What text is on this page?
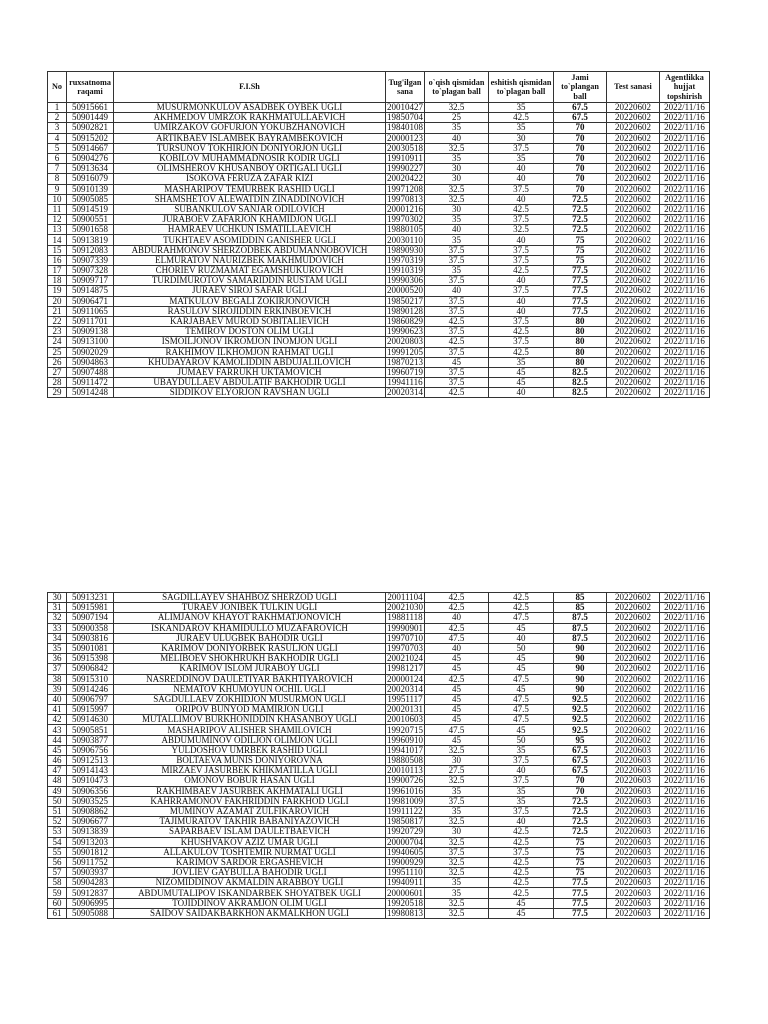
No	ruxsatnoma raqami	F.I.Sh	Tug'ilgan sana	o`qish qismidan to`plagan ball	eshitish qismidan to`plagan ball	Jami to`plangan ball	Test sanasi	Agentlikka hujjat topshirish
1	50915661	MUSURMONKULOV ASADBEK OYBEK UGLI	20010427	32.5	35	67.5	20220602	2022/11/16
2	50901449	AKHMEDOV UMRZOK RAKHMATULLAEVICH	19850704	25	42.5	67.5	20220602	2022/11/16
3	50902821	UMIRZAKOV GOFURJON YOKUBZHANOVICH	19840108	35	35	70	20220602	2022/11/16
4	50915202	ARTIKBAEV ISLAMBEK BAYRAMBEKOVICH	20000123	40	30	70	20220602	2022/11/16
5	50914667	TURSUNOV TOKHIRJON DONIYORJON UGLI	20030518	32.5	37.5	70	20220602	2022/11/16
6	50904276	KOBILOV MUHAMMADNOSIR KODIR UGLI	19910911	35	35	70	20220602	2022/11/16
7	50913634	OLIMSHEROV KHUSANBOY ORTIGALI UGLI	19990227	30	40	70	20220602	2022/11/16
8	50916079	ISOKOVA FERUZA ZAFAR KIZI	20020422	30	40	70	20220602	2022/11/16
9	50910139	MASHARIPOV TEMURBEK RASHID UGLI	19971208	32.5	37.5	70	20220602	2022/11/16
10	50905085	SHAMSHETOV ALEWATDIN ZINADDINOVICH	19970813	32.5	40	72.5	20220602	2022/11/16
11	50914519	SUBANKULOV SANJAR ODILOVICH	20001216	30	42.5	72.5	20220602	2022/11/16
12	50900551	JURABOEV ZAFARJON KHAMIDJON UGLI	19970302	35	37.5	72.5	20220602	2022/11/16
13	50901658	HAMRAEV UCHKUN ISMATILLAEVICH	19880105	40	32.5	72.5	20220602	2022/11/16
14	50913819	TUKHTAEV ASOMIDDIN GANISHER UGLI	20030110	35	40	75	20220602	2022/11/16
15	50912083	ABDURAHMONOV SHERZODBEK ABDUMANNOBOVICH	19890930	37.5	37.5	75	20220602	2022/11/16
16	50907339	ELMURATOV NAURIZBEK MAKHMUDOVICH	19970319	37.5	37.5	75	20220602	2022/11/16
17	50907328	CHORIEV RUZMAMAT EGAMSHUKUROVICH	19910319	35	42.5	77.5	20220602	2022/11/16
18	50909717	TURDIMUROTOV SAMARIDDIN RUSTAM UGLI	19990306	37.5	40	77.5	20220602	2022/11/16
19	50914875	JURAEV SIROJ SAFAR UGLI	20000520	40	37.5	77.5	20220602	2022/11/16
20	50906471	MATKULOV BEGALI ZOKIRJONOVICH	19850217	37.5	40	77.5	20220602	2022/11/16
21	50911065	RASULOV SIROJIDDIN ERKINBOEVICH	19890128	37.5	40	77.5	20220602	2022/11/16
22	50911701	KARJABAEV MUROD SOBITALIEVICH	19860829	42.5	37.5	80	20220602	2022/11/16
23	50909138	TEMIROV DOSTON OLIM UGLI	19990623	37.5	42.5	80	20220602	2022/11/16
24	50913100	ISMOILJONOV IKROMJON INOMJON UGLI	20020803	42.5	37.5	80	20220602	2022/11/16
25	50902029	RAKHIMOV ILKHOMJON RAHMAT UGLI	19991205	37.5	42.5	80	20220602	2022/11/16
26	50904863	KHUDAYAROV KAMOLIDDIN ABDUJALILOVICH	19870213	45	35	80	20220602	2022/11/16
27	50907488	JUMAEV FARRUKH UKTAMOVICH	19960719	37.5	45	82.5	20220602	2022/11/16
28	50911472	UBAYDULLAEV ABDULATIF BAKHODIR UGLI	19941116	37.5	45	82.5	20220602	2022/11/16
29	50914248	SIDDIKOV ELYORJON RAVSHAN UGLI	20020314	42.5	40	82.5	20220602	2022/11/16
30	50913231	SAGDILLAYEV SHAHBOZ SHERZOD UGLI	20011104	42.5	42.5	85	20220602	2022/11/16
31	50915981	TURAEV JONIBEK TULKIN UGLI	20021030	42.5	42.5	85	20220602	2022/11/16
32	50907194	ALIMJANOV KHAYOT RAKHMATJONOVICH	19881118	40	47.5	87.5	20220602	2022/11/16
33	50900358	ISKANDAROV KHAMIDULLO MUZAFAROVICH	19990901	42.5	45	87.5	20220602	2022/11/16
34	50903816	JURAEV ULUGBEK BAHODIR UGLI	19970710	47.5	40	87.5	20220602	2022/11/16
35	50901081	KARIMOV DONIYORBEK RASULJON UGLI	19970703	40	50	90	20220602	2022/11/16
36	50915398	MELIBOEV SHOKHRUKH BAKHODIR UGLI	20021024	45	45	90	20220602	2022/11/16
37	50906842	KARIMOV ISLOM JURABOY UGLI	19981217	45	45	90	20220602	2022/11/16
38	50915310	NASREDDINOV DAULETIYAR BAKHTIYAROVICH	20000124	42.5	47.5	90	20220602	2022/11/16
39	50914246	NEMATOV KHUMOYUN OCHIL UGLI	20020314	45	45	90	20220602	2022/11/16
40	50906797	SAGDULLAEV ZOKHIDJON MUSURMON UGLI	19951117	45	47.5	92.5	20220602	2022/11/16
41	50915997	ORIPOV BUNYOD MAMIRJON UGLI	20020131	45	47.5	92.5	20220602	2022/11/16
42	50914630	MUTALLIMOV BURKHONIDDIN KHASANBOY UGLI	20010603	45	47.5	92.5	20220602	2022/11/16
43	50905851	MASHARIPOV ALISHER SHAMILOVICH	19920715	47.5	45	92.5	20220602	2022/11/16
44	50903877	ABDUMUMINOV ODILJON OLIMJON UGLI	19960910	45	50	95	20220602	2022/11/16
45	50906756	YULDOSHOV UMRBEK RASHID UGLI	19941017	32.5	35	67.5	20220603	2022/11/16
46	50912513	BOLTAEVA MUNIS DONIYOROVNA	19880508	30	37.5	67.5	20220603	2022/11/16
47	50914143	MIRZAEV JASURBEK KHIKMATILLA UGLI	20010113	27.5	40	67.5	20220603	2022/11/16
48	50910473	OMONOV BOBUR HASAN UGLI	19900726	32.5	37.5	70	20220603	2022/11/16
49	50906356	RAKHIMBAEV JASURBEK AKHMATALI UGLI	19961016	35	35	70	20220603	2022/11/16
50	50903525	KAHRRAMONOV FAKHRIDDIN FARKHOD UGLI	19981009	37.5	35	72.5	20220603	2022/11/16
51	50908862	MUMINOV AZAMAT ZULFIKAROVICH	19911122	35	37.5	72.5	20220603	2022/11/16
52	50906677	TAJIMURATOV TAKHIR BABANIYAZOVICH	19850817	32.5	40	72.5	20220603	2022/11/16
53	50913839	SAPARBAEV ISLAM DAULETBAEVICH	19920729	30	42.5	72.5	20220603	2022/11/16
54	50913203	KHUSHVAKOV AZIZ UMAR UGLI	20000704	32.5	42.5	75	20220603	2022/11/16
55	50901812	ALLAKULOV TOSHTEMIR NURMAT UGLI	19940605	37.5	37.5	75	20220603	2022/11/16
56	50911752	KARIMOV SARDOR ERGASHEVICH	19900929	32.5	42.5	75	20220603	2022/11/16
57	50903937	JOVLIEV GAYBULLA BAHODIR UGLI	19951110	32.5	42.5	75	20220603	2022/11/16
58	50904283	NIZOMIDDINOV AKMALDIN ARABBOY UGLI	19940911	35	42.5	77.5	20220603	2022/11/16
59	50912837	ABDUMUTALIPOV ISKANDARBEK SHOYATBEK UGLI	20000601	35	42.5	77.5	20220603	2022/11/16
60	50906995	TOJIDDINOV AKRAMJON OLIM UGLI	19920518	32.5	45	77.5	20220603	2022/11/16
61	50905088	SAIDOV SAIDAKBARKHON AKMALKHON UGLI	19980813	32.5	45	77.5	20220603	2022/11/16
